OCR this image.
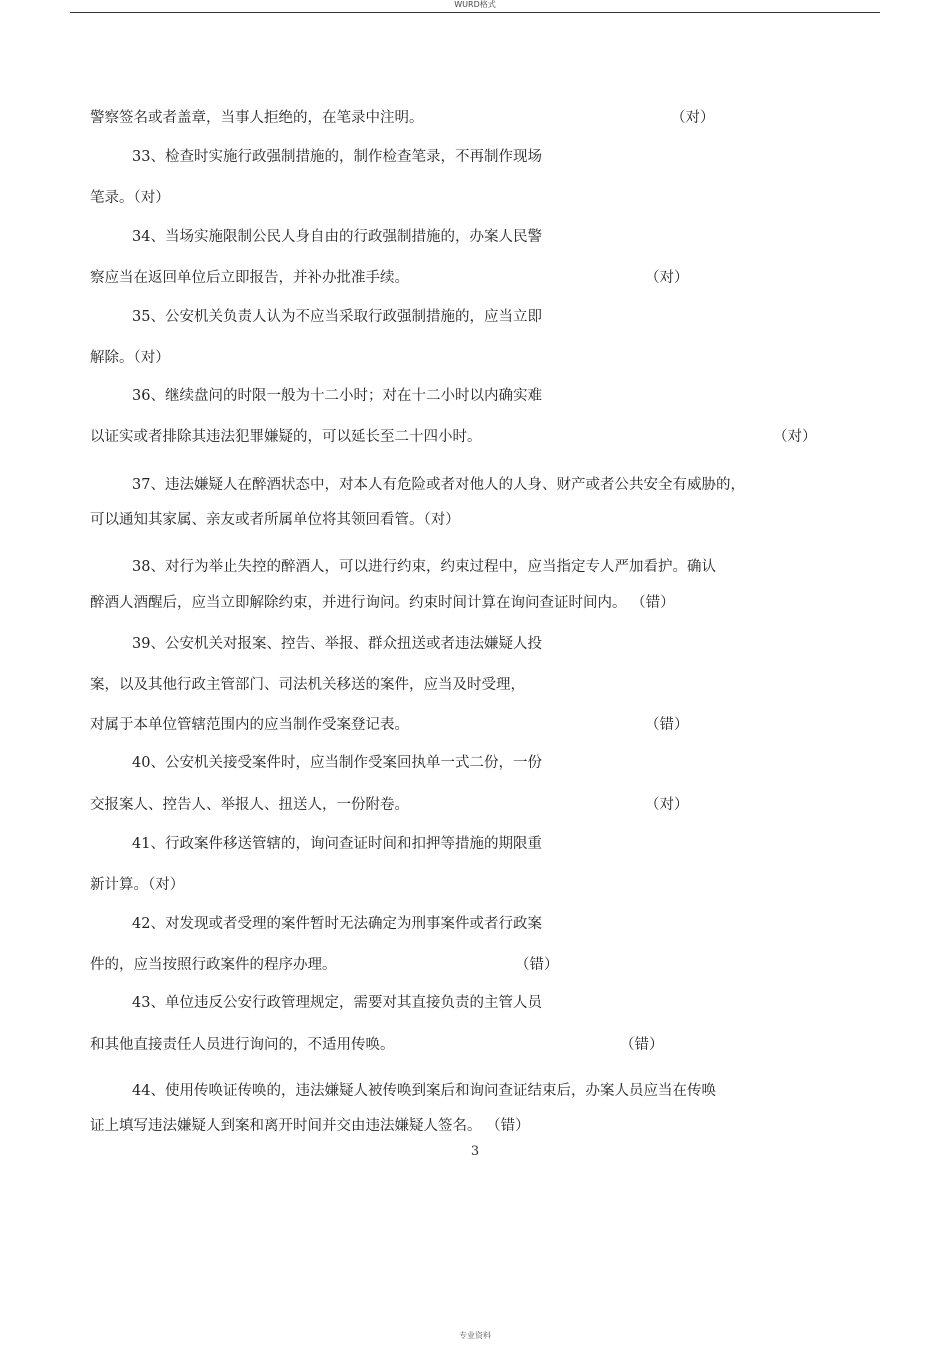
WURD格式
警察签名或者盖章，当事人拒绝的，在笔录中注明。	（对）
33、检查时实施行政强制措施的，制作检查笔录，不再制作现场
笔录。（对）
34、当场实施限制公民人身自由的行政强制措施的，办案人民警
察应当在返回单位后立即报告，并补办批准手续。	（对）
35、公安机关负责人认为不应当采取行政强制措施的，应当立即
解除。（对）
36、继续盘问的时限一般为十二小时；对在十二小时以内确实难
以证实或者排除其违法犯罪嫌疑的，可以延长至二十四小时。	（对）
37、违法嫌疑人在醉酒状态中，对本人有危险或者对他人的人身、财产或者公共安全有威胁的，
可以通知其家属、亲友或者所属单位将其领回看管。（对）
38、对行为举止失控的醉酒人，可以进行约束，约束过程中，应当指定专人严加看护。确认
醉酒人酒醒后，应当立即解除约束，并进行询问。约束时间计算在询问查证时间内。 （错）
39、公安机关对报案、控告、举报、群众扭送或者违法嫌疑人投
案，以及其他行政主管部门、司法机关移送的案件，应当及时受理，
对属于本单位管辖范围内的应当制作受案登记表。	（错）
40、公安机关接受案件时，应当制作受案回执单一式二份，一份
交报案人、控告人、举报人、扭送人，一份附卷。	（对）
41、行政案件移送管辖的，询问查证时间和扣押等措施的期限重
新计算。（对）
42、对发现或者受理的案件暂时无法确定为刑事案件或者行政案
件的，应当按照行政案件的程序办理。	（错）
43、单位违反公安行政管理规定，需要对其直接负责的主管人员
和其他直接责任人员进行询问的，不适用传唤。	（错）
44、使用传唤证传唤的，违法嫌疑人被传唤到案后和询问查证结束后，办案人员应当在传唤
证上填写违法嫌疑人到案和离开时间并交由违法嫌疑人签名。 （错）
3
专业资料
